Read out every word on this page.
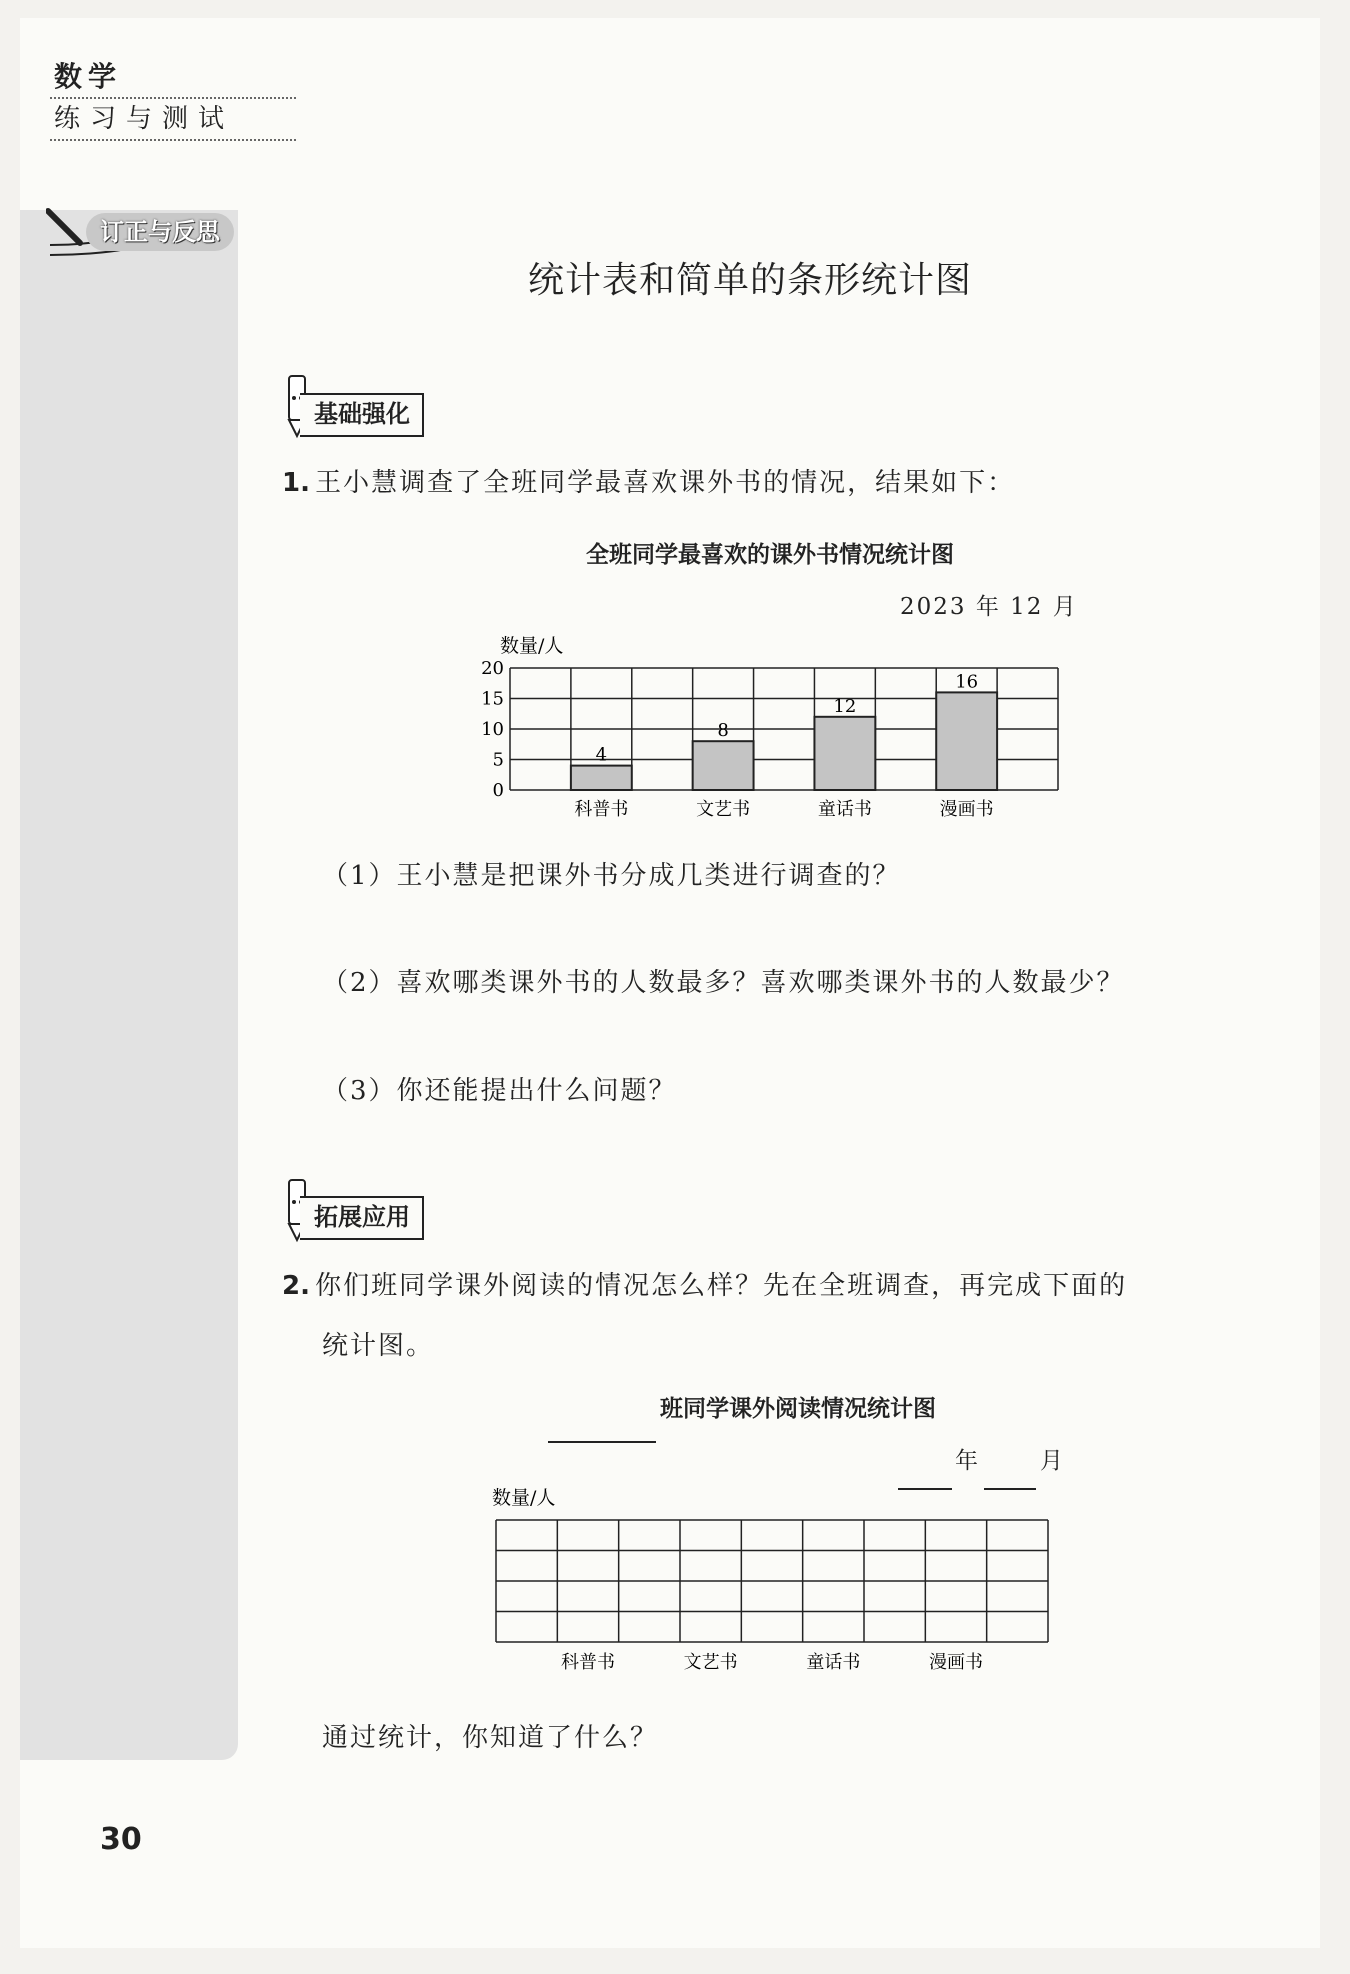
数学
练习与测试
订正与反思
统计表和简单的条形统计图
基础强化
1. 王小慧调查了全班同学最喜欢课外书的情况，结果如下：
全班同学最喜欢的课外书情况统计图
2023 年 12 月
数量/人
0
5
10
15
20
4
科普书
8
文艺书
12
童话书
16
漫画书
（1）王小慧是把课外书分成几类进行调查的？
（2）喜欢哪类课外书的人数最多？喜欢哪类课外书的人数最少？
（3）你还能提出什么问题？
拓展应用
2. 你们班同学课外阅读的情况怎么样？先在全班调查，再完成下面的
统计图。
班同学课外阅读情况统计图
年	月
数量/人
科普书	文艺书	童话书	漫画书
通过统计，你知道了什么？
30
